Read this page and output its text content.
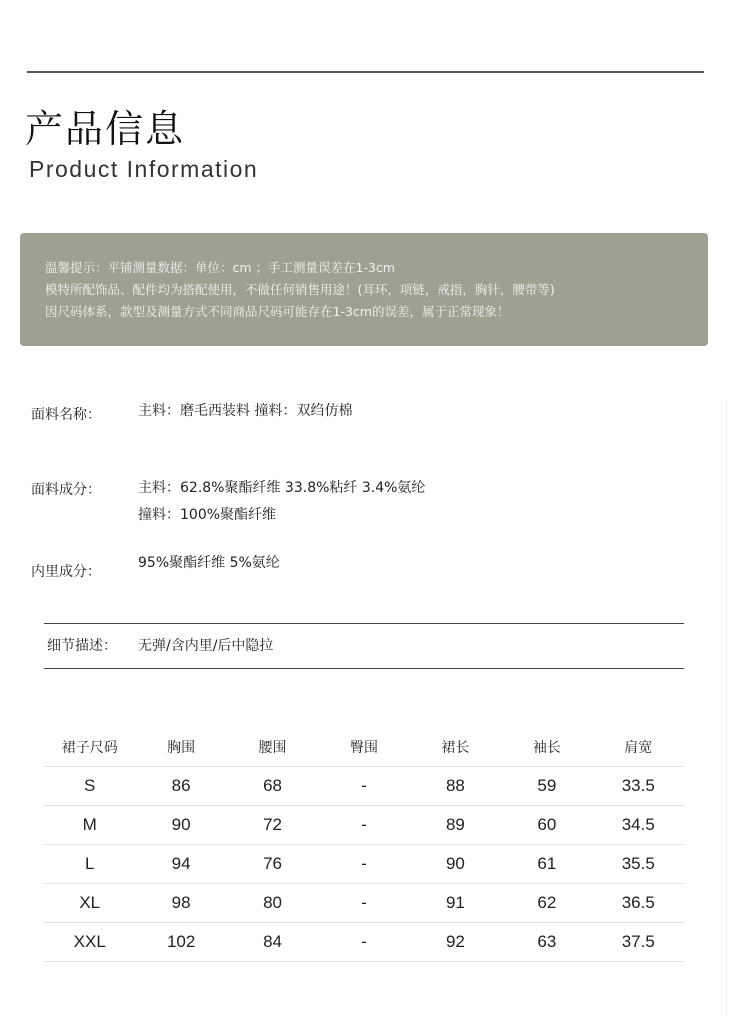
产品信息
Product Information
温馨提示：平铺测量数据：单位：cm ；手工测量误差在1-3cm
模特所配饰品、配件均为搭配使用，不做任何销售用途！(耳环，项链，戒指，胸针，腰带等)
因尺码体系，款型及测量方式不同商品尺码可能存在1-3cm的误差，属于正常现象！
面料名称：	主料：磨毛西装料 撞料：双绉仿棉
面料成分：	主料：62.8%聚酯纤维 33.8%粘纤 3.4%氨纶
撞料：100%聚酯纤维
内里成分：
95%聚酯纤维 5%氨纶
细节描述： 无弹/含内里/后中隐拉
裙子尺码	胸围	腰围	臀围	裙长	袖长	肩宽
S	86	68	-	88	59	33.5
M	90	72	-	89	60	34.5
L	94	76	-	90	61	35.5
XL	98	80	-	91	62	36.5
XXL	102	84	-	92	63	37.5
